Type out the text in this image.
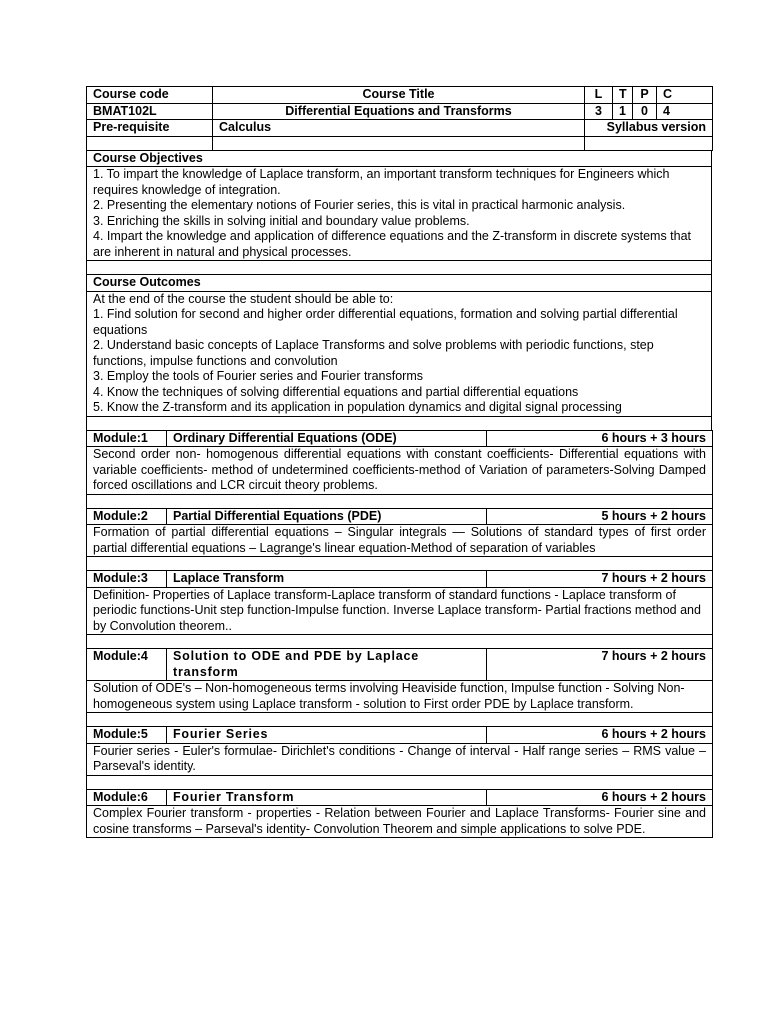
Course code	Course Title	L	T	P	C
BMAT102L	Differential Equations and Transforms	3	1	0	4
Pre-requisite	Calculus	Syllabus version

Course Objectives

1. To impart the knowledge of Laplace transform, an important transform techniques for Engineers which requires knowledge of integration.
2. Presenting the elementary notions of Fourier series, this is vital in practical harmonic analysis.
3. Enriching the skills in solving initial and boundary value problems.
4. Impart the knowledge and application of difference equations and the Z-transform in discrete systems that are inherent in natural and physical processes.

Course Outcomes

At the end of the course the student should be able to:
1. Find solution for second and higher order differential equations, formation and solving partial differential equations
2. Understand basic concepts of Laplace Transforms and solve problems with periodic functions, step functions, impulse functions and convolution
3. Employ the tools of Fourier series and Fourier transforms
4. Know the techniques of solving differential equations and partial differential equations
5. Know the Z-transform and its application in population dynamics and digital signal processing

Module:1	Ordinary Differential Equations (ODE)	6 hours + 3 hours
Second order non- homogenous differential equations with constant coefficients- Differential equations with variable coefficients- method of undetermined coefficients-method of Variation of parameters-Solving Damped forced oscillations and LCR circuit theory problems.		

Module:2	Partial Differential Equations (PDE)	5 hours + 2 hours
Formation of partial differential equations – Singular integrals — Solutions of standard types of first order partial differential equations – Lagrange's linear equation-Method of separation of variables		

Module:3	Laplace Transform	7 hours + 2 hours
Definition- Properties of Laplace transform-Laplace transform of standard functions - Laplace transform of periodic functions-Unit step function-Impulse function. Inverse Laplace transform- Partial fractions method and by Convolution theorem..		

Module:4	Solution to ODE and PDE by Laplace transform	7 hours + 2 hours
Solution of ODE's – Non-homogeneous terms involving Heaviside function, Impulse function - Solving Non-homogeneous system using Laplace transform - solution to First order PDE by Laplace transform.		

Module:5	Fourier Series	6 hours + 2 hours
Fourier series - Euler's formulae- Dirichlet's conditions - Change of interval - Half range series – RMS value – Parseval's identity.		

Module:6	Fourier Transform	6 hours + 2 hours
Complex Fourier transform - properties - Relation between Fourier and Laplace Transforms- Fourier sine and cosine transforms – Parseval's identity- Convolution Theorem and simple applications to solve PDE.		
